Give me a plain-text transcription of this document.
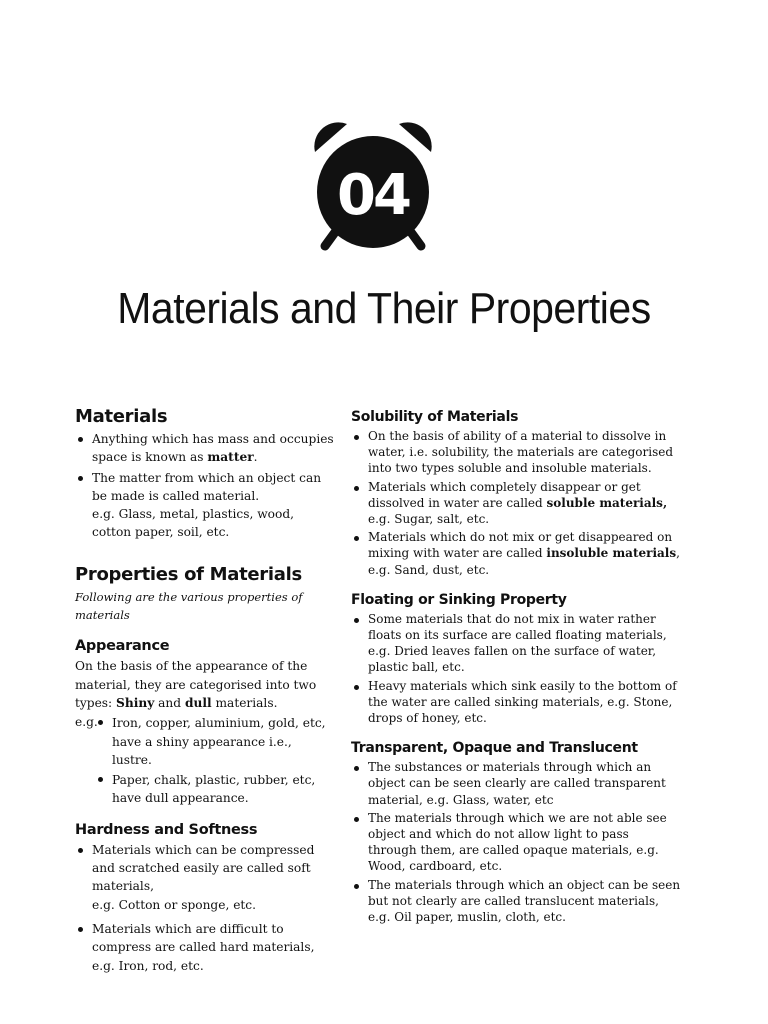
04
Materials and Their Properties
Materials
Anything which has mass and occupies space is known as matter.
The matter from which an object can be made is called material.
e.g. Glass, metal, plastics, wood, cotton paper, soil, etc.
Properties of Materials

Following are the various properties of materials

Appearance

On the basis of the appearance of the material, they are categorised into two types: Shiny and dull materials.

e.g.	Iron, copper, aluminium, gold, etc, have a shiny appearance i.e., lustre.
Paper, chalk, plastic, rubber, etc, have dull appearance.
Hardness and Softness
Materials which can be compressed and scratched easily are called soft materials,
e.g. Cotton or sponge, etc.
Materials which are difficult to compress are called hard materials,
e.g. Iron, rod, etc.
Solubility of Materials
On the basis of ability of a material to dissolve in water, i.e. solubility, the materials are categorised into two types soluble and insoluble materials.
Materials which completely disappear or get dissolved in water are called soluble materials, e.g. Sugar, salt, etc.
Materials which do not mix or get disappeared on mixing with water are called insoluble materials, e.g. Sand, dust, etc.
Floating or Sinking Property
Some materials that do not mix in water rather floats on its surface are called floating materials, e.g. Dried leaves fallen on the surface of water, plastic ball, etc.
Heavy materials which sink easily to the bottom of the water are called sinking materials, e.g. Stone, drops of honey, etc.
Transparent, Opaque and Translucent
The substances or materials through which an object can be seen clearly are called transparent material, e.g. Glass, water, etc
The materials through which we are not able see object and which do not allow light to pass through them, are called opaque materials, e.g. Wood, cardboard, etc.
The materials through which an object can be seen but not clearly are called translucent materials, e.g. Oil paper, muslin, cloth, etc.
